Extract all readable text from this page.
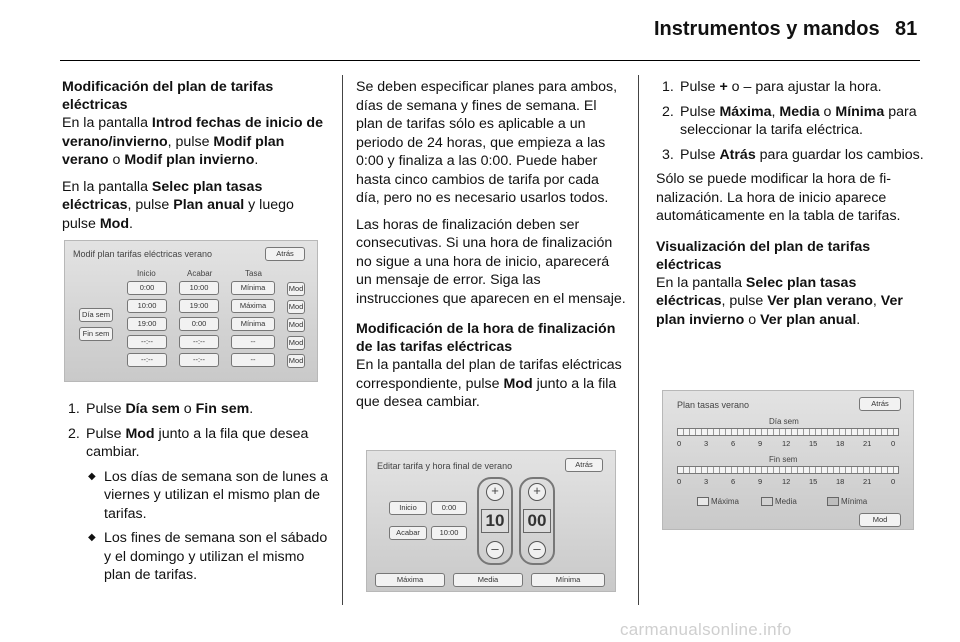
Instrumentos y mandos 81
Modificación del plan de tarifas eléctricas

En la pantalla Introd fechas de inicio de verano/invierno, pulse Modif plan verano o Modif plan invierno.

En la pantalla Selec plan tasas eléctricas, pulse Plan anual y luego pulse Mod.

Modif plan tarifas eléctricas verano	Atrás
Inicio	Acabar	Tasa
Día sem
Fin sem
0:00	10:00	Mínima	Mod
10:00	19:00	Máxima	Mod
19:00	0:00	Mínima	Mod
--:--	--:--	--	Mod
--:--	--:--	--	Mod
1. Pulse Día sem o Fin sem.
2. Pulse Mod junto a la fila que desea cambiar.
◆ Los días de semana son de lunes a viernes y utilizan el mismo plan de tarifas.
◆ Los fines de semana son el sábado y el domingo y utilizan el mismo plan de tarifas.

Se deben especificar planes para ambos, días de semana y fines de semana. El plan de tarifas sólo es aplicable a un periodo de 24 horas, que empieza a las 0:00 y finaliza a las 0:00. Puede haber hasta cinco cambios de tarifa por cada día, pero no es necesario usarlos todos.

Las horas de finalización deben ser consecutivas. Si una hora de finalización no sigue a una hora de inicio, aparecerá un mensaje de error. Siga las instrucciones que aparecen en el mensaje.

Modificación de la hora de finalización de las tarifas eléctricas

En la pantalla del plan de tarifas eléctricas correspondiente, pulse Mod junto a la fila que desea cambiar.

Editar tarifa y hora final de verano	Atrás
Inicio	0:00
Acabar	10:00
+
10
–
+
00
–
Máxima	Media	Mínima
1. Pulse + o – para ajustar la hora.
2. Pulse Máxima, Media o Mínima para seleccionar la tarifa eléctrica.
3. Pulse Atrás para guardar los cambios.

Sólo se puede modificar la hora de finalización. La hora de inicio aparece automáticamente en la tabla de tarifas.

Visualización del plan de tarifas eléctricas

En la pantalla Selec plan tasas eléctricas, pulse Ver plan verano, Ver plan invierno o Ver plan anual.

Plan tasas verano	Atrás
Día sem
Fin sem
0	3	6	9	12 15 18 21	0
0	3	6	9	12 15 18 21	0
Máxima	Media	Mínima
Mod
carmanualsonline.info
